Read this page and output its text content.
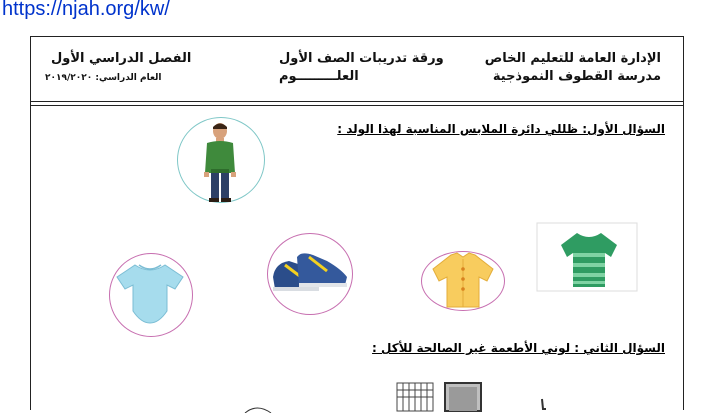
https://njah.org/kw/
الإدارة العامة للتعليم الخاص
مدرسة القطوف النموذجية
ورقة تدريبات الصف الأول
العلـــــــــوم
الفصل الدراسي الأول
العام الدراسي: ٢٠١٩/٢٠٢٠
السؤال الأول: ظللي دائرة الملابس المناسبة لهذا الولد :
السؤال الثاني : لوني الأطعمة غير الصالحة للأكل :
